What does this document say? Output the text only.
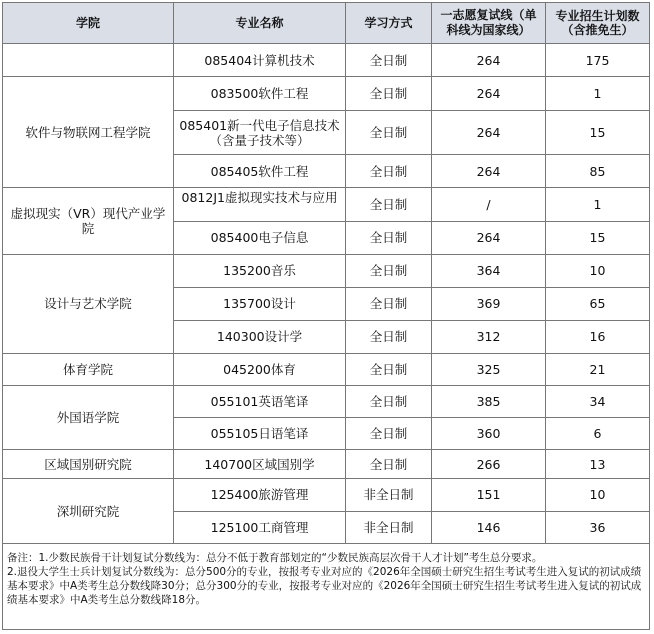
学院	专业名称	学习方式	一志愿复试线（单科线为国家线）	专业招生计划数（含推免生）
	085404计算机技术	全日制	264	175
软件与物联网工程学院	083500软件工程	全日制	264	1
	085401新一代电子信息技术（含量子技术等）	全日制	264	15
	085405软件工程	全日制	264	85
虚拟现实（VR）现代产业学院	0812J1虚拟现实技术与应用	全日制	/	1
	085400电子信息	全日制	264	15
设计与艺术学院	135200音乐	全日制	364	10
	135700设计	全日制	369	65
	140300设计学	全日制	312	16
体育学院	045200体育	全日制	325	21
外国语学院	055101英语笔译	全日制	385	34
	055105日语笔译	全日制	360	6
区域国别研究院	140700区域国别学	全日制	266	13
深圳研究院	125400旅游管理	非全日制	151	10
	125100工商管理	非全日制	146	36

备注：1.少数民族骨干计划复试分数线为：总分不低于教育部划定的“少数民族高层次骨干人才计划”考生总分要求。
2.退役大学生士兵计划复试分数线为：总分500分的专业，按报考专业对应的《2026年全国硕士研究生招生考试考生进入复试的初试成绩基本要求》中A类考生总分数线降30分；总分300分的专业，按报考专业对应的《2026年全国硕士研究生招生考试考生进入复试的初试成绩基本要求》中A类考生总分数线降18分。				
